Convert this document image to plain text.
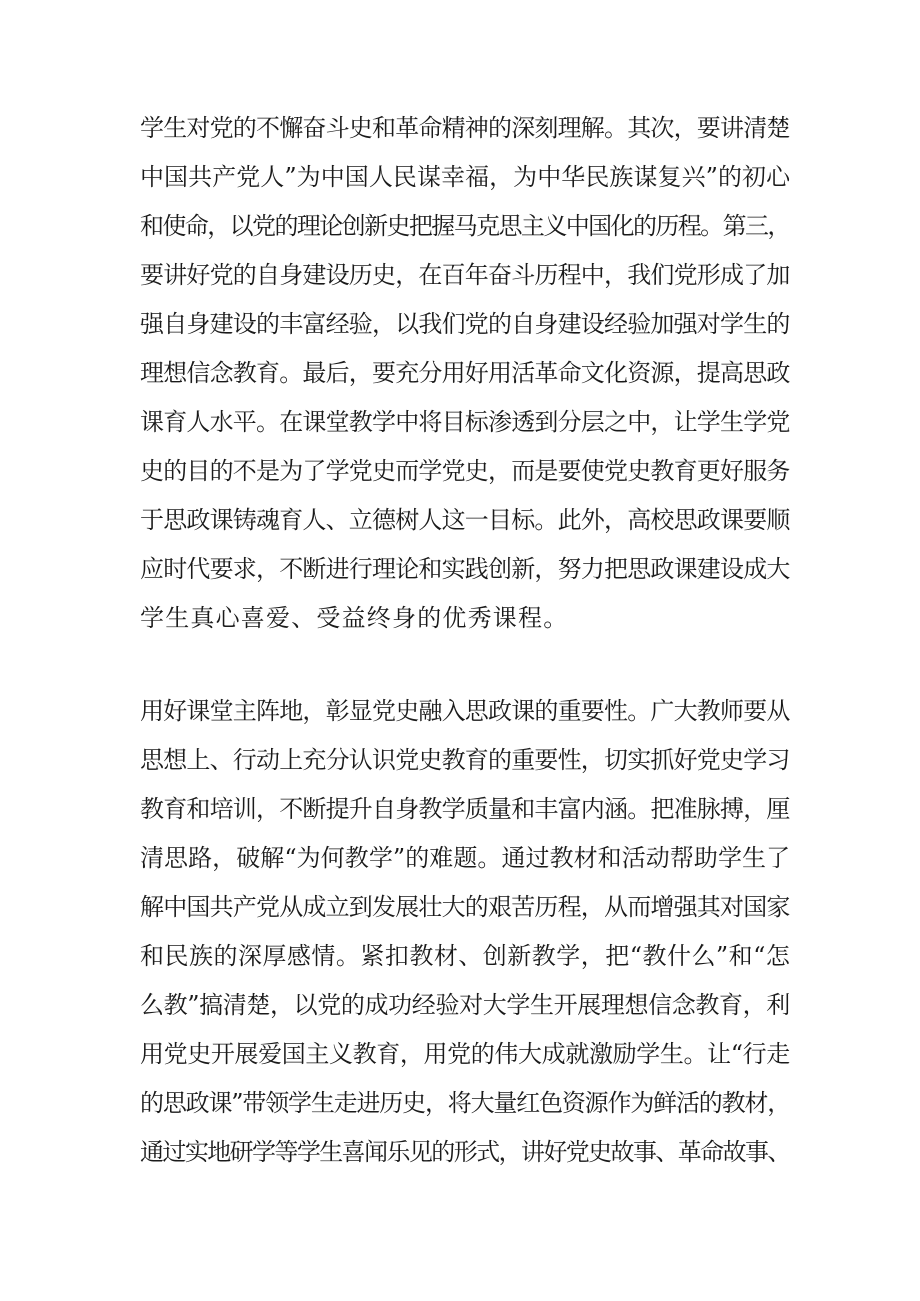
学生对党的不懈奋斗史和革命精神的深刻理解。其次，要讲清楚
中国共产党人”为中国人民谋幸福，为中华民族谋复兴”的初心
和使命，以党的理论创新史把握马克思主义中国化的历程。第三，
要讲好党的自身建设历史，在百年奋斗历程中，我们党形成了加
强自身建设的丰富经验，以我们党的自身建设经验加强对学生的
理想信念教育。最后，要充分用好用活革命文化资源，提高思政
课育人水平。在课堂教学中将目标渗透到分层之中，让学生学党
史的目的不是为了学党史而学党史，而是要使党史教育更好服务
于思政课铸魂育人、立德树人这一目标。此外，高校思政课要顺
应时代要求，不断进行理论和实践创新，努力把思政课建设成大
学生真心喜爱、受益终身的优秀课程。
用好课堂主阵地，彰显党史融入思政课的重要性。广大教师要从
思想上、行动上充分认识党史教育的重要性，切实抓好党史学习
教育和培训，不断提升自身教学质量和丰富内涵。把准脉搏，厘
清思路，破解“为何教学”的难题。通过教材和活动帮助学生了
解中国共产党从成立到发展壮大的艰苦历程，从而增强其对国家
和民族的深厚感情。紧扣教材、创新教学，把“教什么”和“怎
么教”搞清楚，以党的成功经验对大学生开展理想信念教育，利
用党史开展爱国主义教育，用党的伟大成就激励学生。让“行走
的思政课”带领学生走进历史，将大量红色资源作为鲜活的教材，
通过实地研学等学生喜闻乐见的形式，讲好党史故事、革命故事、
